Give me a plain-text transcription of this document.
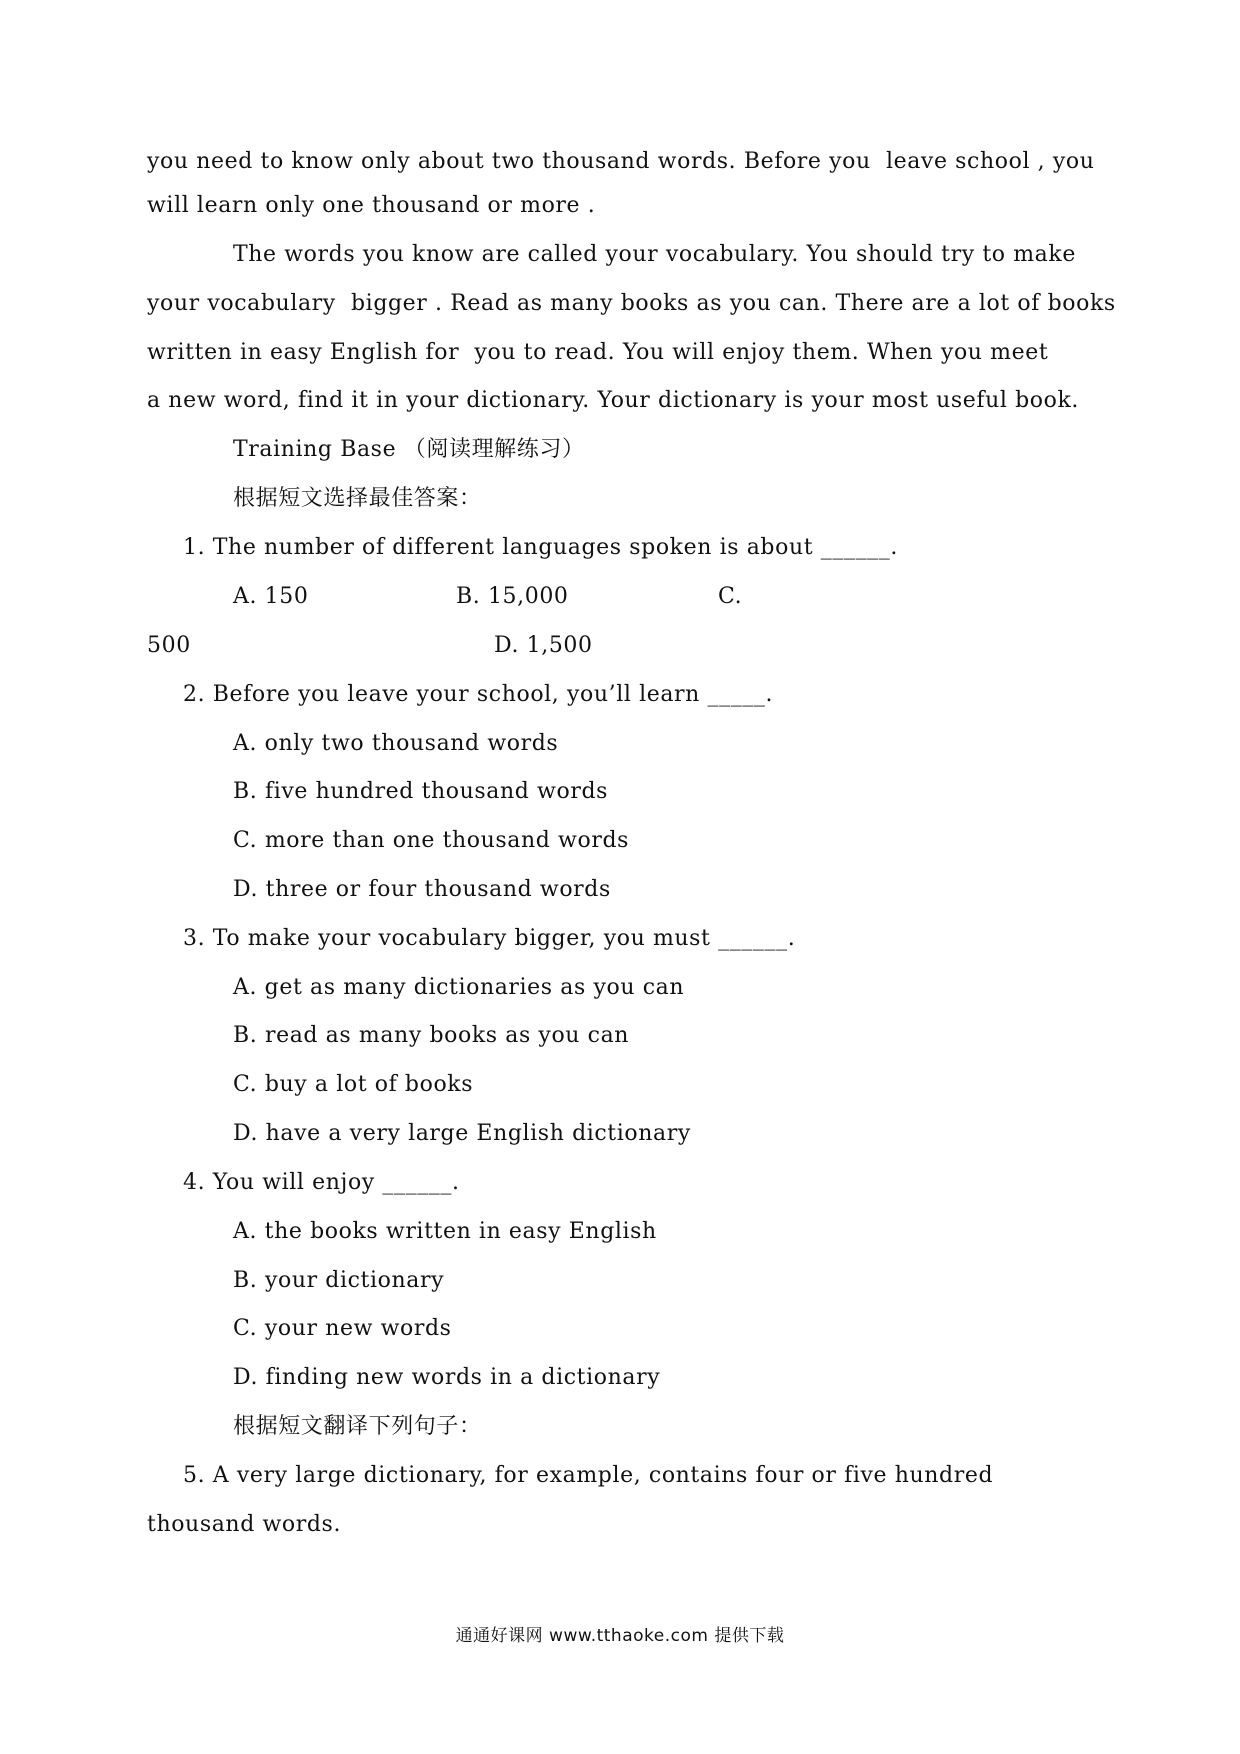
you need to know only about two thousand words. Before you  leave school , you
will learn only one thousand or more .
The words you know are called your vocabulary. You should try to make
your vocabulary  bigger . Read as many books as you can. There are a lot of books
written in easy English for  you to read. You will enjoy them. When you meet
a new word, find it in your dictionary. Your dictionary is your most useful book.
Training Base （阅读理解练习）
根据短文选择最佳答案：
1. The number of different languages spoken is about ______.
A. 150	B. 15,000	C.
500	D. 1,500
2. Before you leave your school, you’ll learn _____.
A. only two thousand words
B. five hundred thousand words
C. more than one thousand words
D. three or four thousand words
3. To make your vocabulary bigger, you must ______.
A. get as many dictionaries as you can
B. read as many books as you can
C. buy a lot of books
D. have a very large English dictionary
4. You will enjoy ______.
A. the books written in easy English
B. your dictionary
C. your new words
D. finding new words in a dictionary
根据短文翻译下列句子：
5. A very large dictionary, for example, contains four or five hundred
thousand words.
通通好课网 www.tthaoke.com 提供下载
